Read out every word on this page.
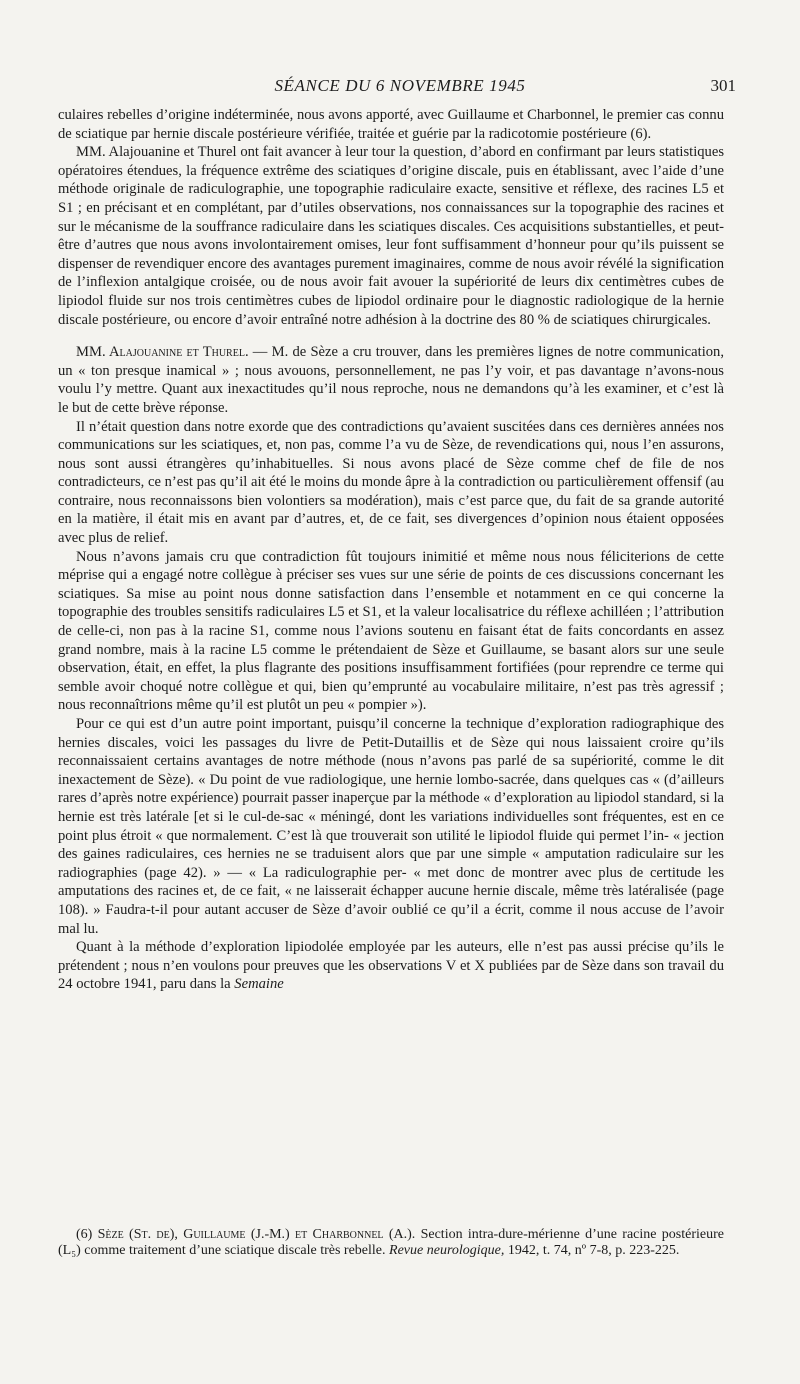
SÉANCE DU 6 NOVEMBRE 1945	301

culaires rebelles d’origine indéterminée, nous avons apporté, avec Guillaume et Charbonnel, le premier cas connu de sciatique par hernie discale postérieure vérifiée, traitée et guérie par la radicotomie postérieure (6).

MM. Alajouanine et Thurel ont fait avancer à leur tour la question, d’abord en confirmant par leurs statistiques opératoires étendues, la fréquence extrême des sciatiques d’origine discale, puis en établissant, avec l’aide d’une méthode originale de radiculographie, une topographie radiculaire exacte, sensitive et réflexe, des racines L5 et S1 ; en précisant et en complétant, par d’utiles observations, nos connaissances sur la topographie des racines et sur le mécanisme de la souffrance radiculaire dans les sciatiques discales. Ces acquisitions substantielles, et peut-être d’autres que nous avons involontairement omises, leur font suffisamment d’honneur pour qu’ils puissent se dispenser de revendiquer encore des avantages purement imaginaires, comme de nous avoir révélé la signification de l’inflexion antalgique croisée, ou de nous avoir fait avouer la supériorité de leurs dix centimètres cubes de lipiodol fluide sur nos trois centimètres cubes de lipiodol ordinaire pour le diagnostic radiologique de la hernie discale postérieure, ou encore d’avoir entraîné notre adhésion à la doctrine des 80 % de sciatiques chirurgicales.

MM. Alajouanine et Thurel. — M. de Sèze a cru trouver, dans les premières lignes de notre communication, un « ton presque inamical » ; nous avouons, personnellement, ne pas l’y voir, et pas davantage n’avons-nous voulu l’y mettre. Quant aux inexactitudes qu’il nous reproche, nous ne demandons qu’à les examiner, et c’est là le but de cette brève réponse.

Il n’était question dans notre exorde que des contradictions qu’avaient suscitées dans ces dernières années nos communications sur les sciatiques, et, non pas, comme l’a vu de Sèze, de revendications qui, nous l’en assurons, nous sont aussi étrangères qu’inhabituelles. Si nous avons placé de Sèze comme chef de file de nos contradicteurs, ce n’est pas qu’il ait été le moins du monde âpre à la contradiction ou particulièrement offensif (au contraire, nous reconnaissons bien volontiers sa modération), mais c’est parce que, du fait de sa grande autorité en la matière, il était mis en avant par d’autres, et, de ce fait, ses divergences d’opinion nous étaient opposées avec plus de relief.

Nous n’avons jamais cru que contradiction fût toujours inimitié et même nous nous féliciterions de cette méprise qui a engagé notre collègue à préciser ses vues sur une série de points de ces discussions concernant les sciatiques. Sa mise au point nous donne satisfaction dans l’ensemble et notamment en ce qui concerne la topographie des troubles sensitifs radiculaires L5 et S1, et la valeur localisatrice du réflexe achilléen ; l’attribution de celle-ci, non pas à la racine S1, comme nous l’avions soutenu en faisant état de faits concordants en assez grand nombre, mais à la racine L5 comme le prétendaient de Sèze et Guillaume, se basant alors sur une seule observation, était, en effet, la plus flagrante des positions insuffisamment fortifiées (pour reprendre ce terme qui semble avoir choqué notre collègue et qui, bien qu’emprunté au vocabulaire militaire, n’est pas très agressif ; nous reconnaîtrions même qu’il est plutôt un peu « pompier »).

Pour ce qui est d’un autre point important, puisqu’il concerne la technique d’exploration radiographique des hernies discales, voici les passages du livre de Petit-Dutaillis et de Sèze qui nous laissaient croire qu’ils reconnaissaient certains avantages de notre méthode (nous n’avons pas parlé de sa supériorité, comme le dit inexactement de Sèze). « Du point de vue radiologique, une hernie lombo-sacrée, dans quelques cas « (d’ailleurs rares d’après notre expérience) pourrait passer inaperçue par la méthode « d’exploration au lipiodol standard, si la hernie est très latérale [et si le cul-de-sac « méningé, dont les variations individuelles sont fréquentes, est en ce point plus étroit « que normalement. C’est là que trouverait son utilité le lipiodol fluide qui permet l’in- « jection des gaines radiculaires, ces hernies ne se traduisent alors que par une simple « amputation radiculaire sur les radiographies (page 42). » — « La radiculographie per- « met donc de montrer avec plus de certitude les amputations des racines et, de ce fait, « ne laisserait échapper aucune hernie discale, même très latéralisée (page 108). » Faudra-t-il pour autant accuser de Sèze d’avoir oublié ce qu’il a écrit, comme il nous accuse de l’avoir mal lu.

Quant à la méthode d’exploration lipiodolée employée par les auteurs, elle n’est pas aussi précise qu’ils le prétendent ; nous n’en voulons pour preuves que les observations V et X publiées par de Sèze dans son travail du 24 octobre 1941, paru dans la Semaine

(6) Sèze (St. de), Guillaume (J.-M.) et Charbonnel (A.). Section intra-dure-mérienne d’une racine postérieure (L₅) comme traitement d’une sciatique discale très rebelle. Revue neurologique, 1942, t. 74, nº 7-8, p. 223-225.
